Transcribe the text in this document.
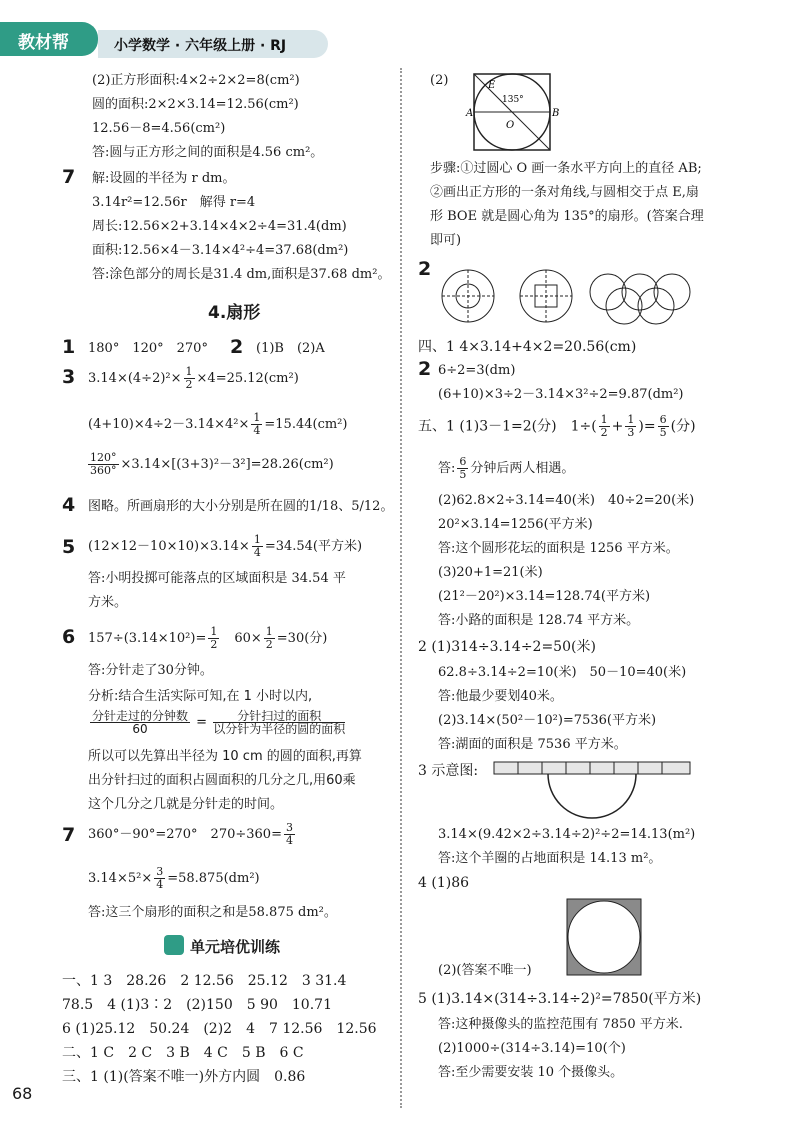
教材帮	小学数学 · 六年级上册 · RJ
(2)正方形面积:4×2÷2×2=8(cm²)
圆的面积:2×2×3.14=12.56(cm²)
12.56－8=4.56(cm²)
答:圆与正方形之间的面积是4.56 cm²。
7 解:设圆的半径为 r dm。
3.14r²=12.56r　解得 r=4
周长:12.56×2+3.14×4×2÷4=31.4(dm)
面积:12.56×4－3.14×4²÷4=37.68(dm²)
答:涂色部分的周长是31.4 dm,面积是37.68 dm²。
4.扇形
1 180°　120°　270° 2 (1)B　(2)A
3 $3.14\times(4\div 2)^2\times \frac{1}{2} \times 4=25.12(cm^2)$
$(4+10)\times 4\div 2-3.14\times 4^2\times \frac{1}{4} =15.44(cm^2)$
$\frac{120^\circ}{360^\circ} \times 3.14\times[(3+3)^2-3^2]=28.26(cm^2)$
4 图略。所画扇形的大小分别是所在圆的1/18、5/12。
5 $(12\times 12-10\times 10)\times 3.14\times \frac{1}{4} =34.54$(平方米)
答:小明投掷可能落点的区域面积是 34.54 平
方米。
6 $157\div(3.14\times 10^2)= \frac{1}{2}$ 　$60\times \frac{1}{2} =30$(分)
答:分针走了30分钟。
分析:结合生活实际可知,在 1 小时以内,
$\frac{\text{分针走过的分钟数}}{60} = \frac{\text{分针扫过的面积}}{\text{以分针为半径的圆的面积}}$
所以可以先算出半径为 10 cm 的圆的面积,再算
出分针扫过的面积占圆面积的几分之几,用60乘
这个几分之几就是分针走的时间。
7 360°－90°=270°　$270\div 360= \frac{3}{4}$
$3.14\times 5^2\times \frac{3}{4} =58.875(dm^2)$
答:这三个扇形的面积之和是58.875 dm²。
单元培优训练
一、1 3　28.26　2 12.56　25.12　3 31.4
78.5　4 (1)3∶2　(2)150　5 90　10.71
6 (1)25.12　50.24　(2)2　4　7 12.56　12.56
二、1 C　2 C　3 B　4 C　5 B　6 C
三、1 (1)(答案不唯一)外方内圆　0.86
68
(2)	E
135°
O
A	B
步骤:①过圆心 O 画一条水平方向上的直径 AB;
②画出正方形的一条对角线,与圆相交于点 E,扇
形 BOE 就是圆心角为 135°的扇形。(答案合理
即可)
2
四、1 4×3.14+4×2=20.56(cm)
2 6÷2=3(dm)
(6+10)×3÷2－3.14×3²÷2=9.87(dm²)
五、1 (1)3－1=2(分)　$1\div( \frac{1}{2} + \frac{1}{3}$ )= $\frac{6}{5}$ (分)
答: $\frac{6}{5}$ 分钟后两人相遇。
(2)62.8×2÷3.14=40(米)　40÷2=20(米)
20²×3.14=1256(平方米)
答:这个圆形花坛的面积是 1256 平方米。
(3)20+1=21(米)
(21²－20²)×3.14=128.74(平方米)
答:小路的面积是 128.74 平方米。
2 (1)314÷3.14÷2=50(米)
62.8÷3.14÷2=10(米)　50－10=40(米)
答:他最少要划40米。
(2)3.14×(50²－10²)=7536(平方米)
答:湖面的面积是 7536 平方米。
3 示意图:
3.14×(9.42×2÷3.14÷2)²÷2=14.13(m²)
答:这个羊圈的占地面积是 14.13 m²。
4 (1)86
(2)(答案不唯一)
5 (1)3.14×(314÷3.14÷2)²=7850(平方米)
答:这种摄像头的监控范围有 7850 平方米.
(2)1000÷(314÷3.14)=10(个)
答:至少需要安装 10 个摄像头。
